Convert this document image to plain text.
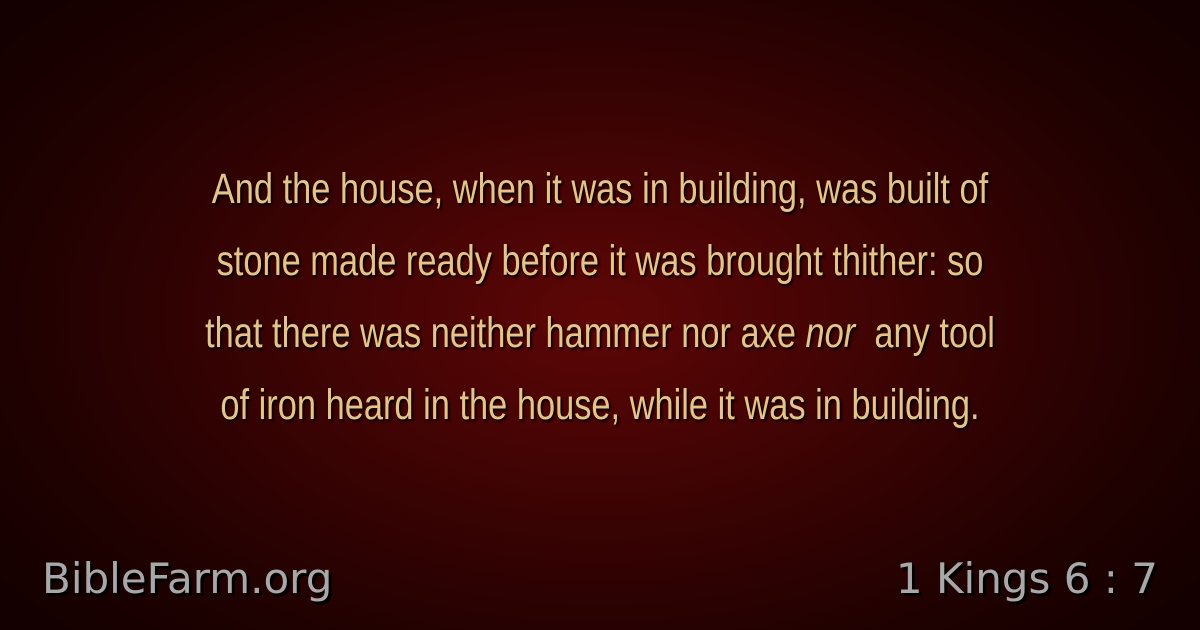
And the house, when it was in building, was built of
stone made ready before it was brought thither: so
that there was neither hammer nor axe nor any tool
of iron heard in the house, while it was in building.

BibleFarm.org	1 Kings 6 : 7
